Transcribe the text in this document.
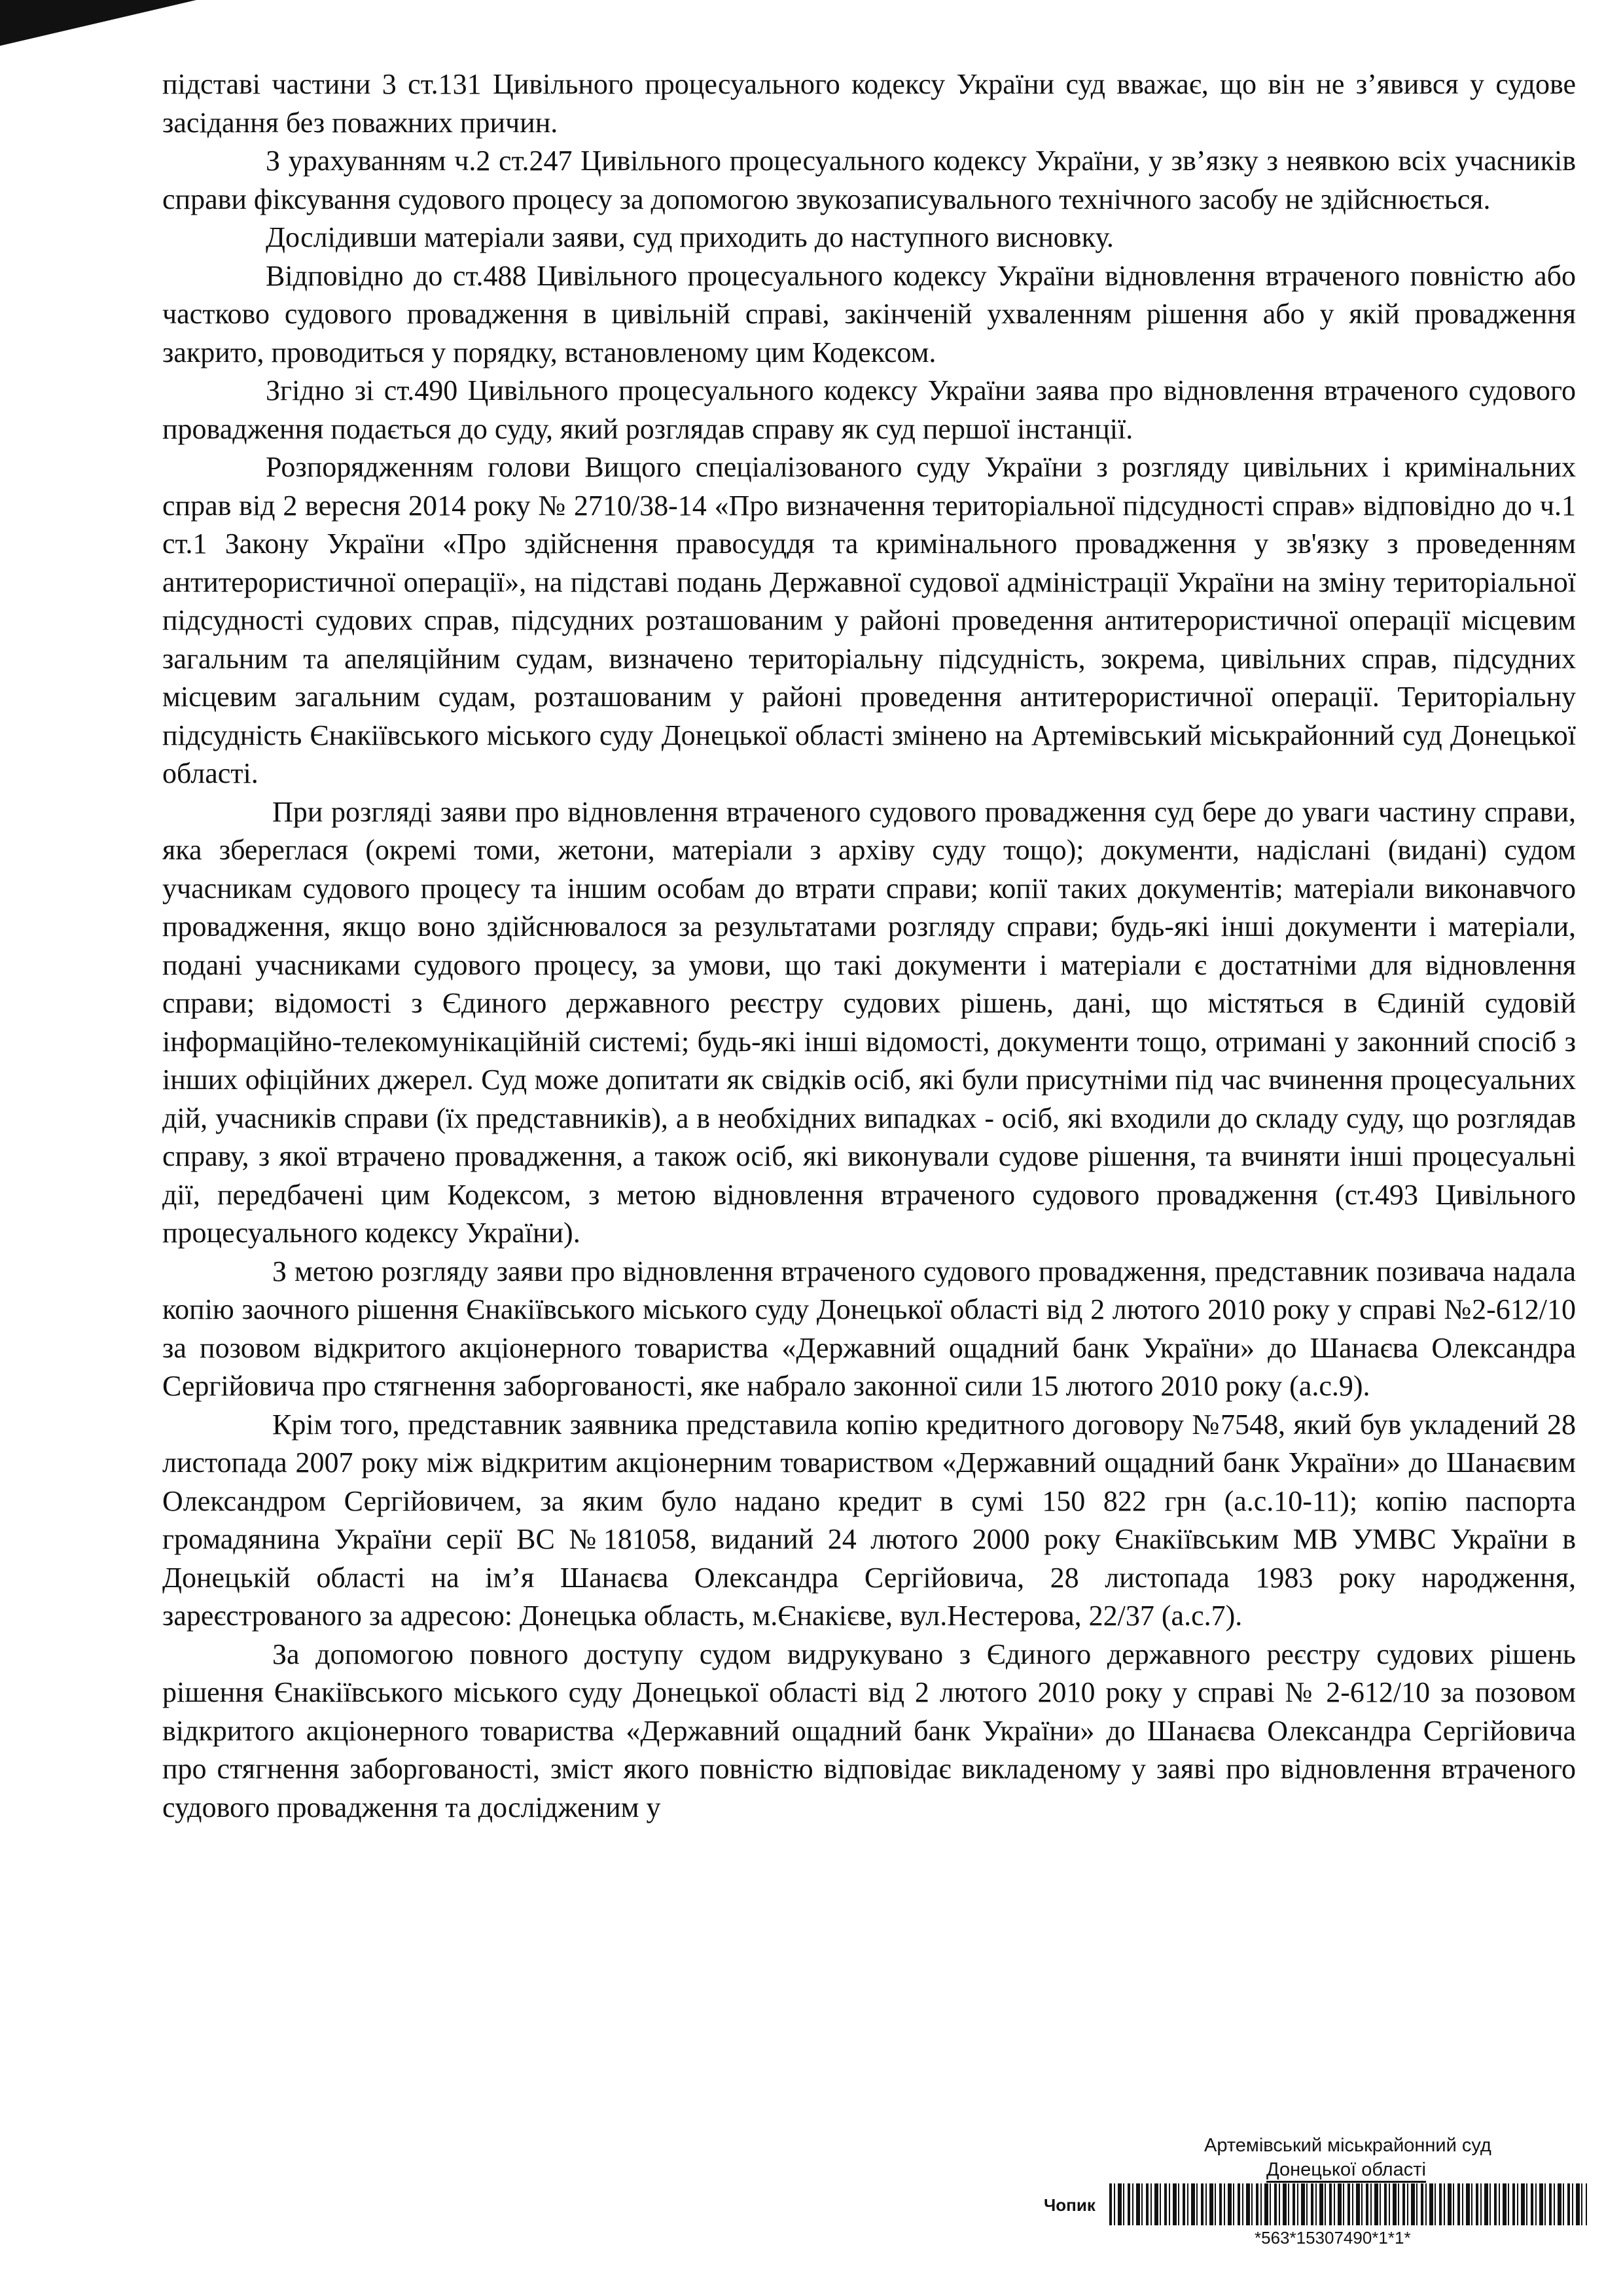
підставі частини 3 ст.131 Цивільного процесуального кодексу України суд вважає, що він не з’явився у судове засідання без поважних причин.

З урахуванням ч.2 ст.247 Цивільного процесуального кодексу України, у зв’язку з неявкою всіх учасників справи фіксування судового процесу за допомогою звукозаписувального технічного засобу не здійснюється.

Дослідивши матеріали заяви, суд приходить до наступного висновку.

Відповідно до ст.488 Цивільного процесуального кодексу України відновлення втраченого повністю або частково судового провадження в цивільній справі, закінченій ухваленням рішення або у якій провадження закрито, проводиться у порядку, встановленому цим Кодексом.

Згідно зі ст.490 Цивільного процесуального кодексу України заява про відновлення втраченого судового провадження подається до суду, який розглядав справу як суд першої інстанції.

Розпорядженням голови Вищого спеціалізованого суду України з розгляду цивільних і кримінальних справ від 2 вересня 2014 року № 2710/38-14 «Про визначення територіальної підсудності справ» відповідно до ч.1 ст.1 Закону України «Про здійснення правосуддя та кримінального провадження у зв'язку з проведенням антитерористичної операції», на підставі подань Державної судової адміністрації України на зміну територіальної підсудності судових справ, підсудних розташованим у районі проведення антитерористичної операції місцевим загальним та апеляційним судам, визначено територіальну підсудність, зокрема, цивільних справ, підсудних місцевим загальним судам, розташованим у районі проведення антитерористичної операції. Територіальну підсудність Єнакіївського міського суду Донецької області змінено на Артемівський міськрайонний суд Донецької області.

При розгляді заяви про відновлення втраченого судового провадження суд бере до уваги частину справи, яка збереглася (окремі томи, жетони, матеріали з архіву суду тощо); документи, надіслані (видані) судом учасникам судового процесу та іншим особам до втрати справи; копії таких документів; матеріали виконавчого провадження, якщо воно здійснювалося за результатами розгляду справи; будь-які інші документи і матеріали, подані учасниками судового процесу, за умови, що такі документи і матеріали є достатніми для відновлення справи; відомості з Єдиного державного реєстру судових рішень, дані, що містяться в Єдиній судовій інформаційно-телекомунікаційній системі; будь-які інші відомості, документи тощо, отримані у законний спосіб з інших офіційних джерел. Суд може допитати як свідків осіб, які були присутніми під час вчинення процесуальних дій, учасників справи (їх представників), а в необхідних випадках - осіб, які входили до складу суду, що розглядав справу, з якої втрачено провадження, а також осіб, які виконували судове рішення, та вчиняти інші процесуальні дії, передбачені цим Кодексом, з метою відновлення втраченого судового провадження (ст.493 Цивільного процесуального кодексу України).

З метою розгляду заяви про відновлення втраченого судового провадження, представник позивача надала копію заочного рішення Єнакіївського міського суду Донецької області від 2 лютого 2010 року у справі №2-612/10 за позовом відкритого акціонерного товариства «Державний ощадний банк України» до Шанаєва Олександра Сергійовича про стягнення заборгованості, яке набрало законної сили 15 лютого 2010 року (а.с.9).

Крім того, представник заявника представила копію кредитного договору №7548, який був укладений 28 листопада 2007 року між відкритим акціонерним товариством «Державний ощадний банк України» до Шанаєвим Олександром Сергійовичем, за яким було надано кредит в сумі 150 822 грн (а.с.10-11); копію паспорта громадянина України серії ВС №181058, виданий 24 лютого 2000 року Єнакіївським МВ УМВС України в Донецькій області на ім’я Шанаєва Олександра Сергійовича, 28 листопада 1983 року народження, зареєстрованого за адресою: Донецька область, м.Єнакієве, вул.Нестерова, 22/37 (а.с.7).

За допомогою повного доступу судом видрукувано з Єдиного державного реєстру судових рішень рішення Єнакіївського міського суду Донецької області від 2 лютого 2010 року у справі № 2-612/10 за позовом відкритого акціонерного товариства «Державний ощадний банк України» до Шанаєва Олександра Сергійовича про стягнення заборгованості, зміст якого повністю відповідає викладеному у заяві про відновлення втраченого судового провадження та дослідженим у

Артемівський міськрайонний суд
Донецької області
Чопик
*563*15307490*1*1*
